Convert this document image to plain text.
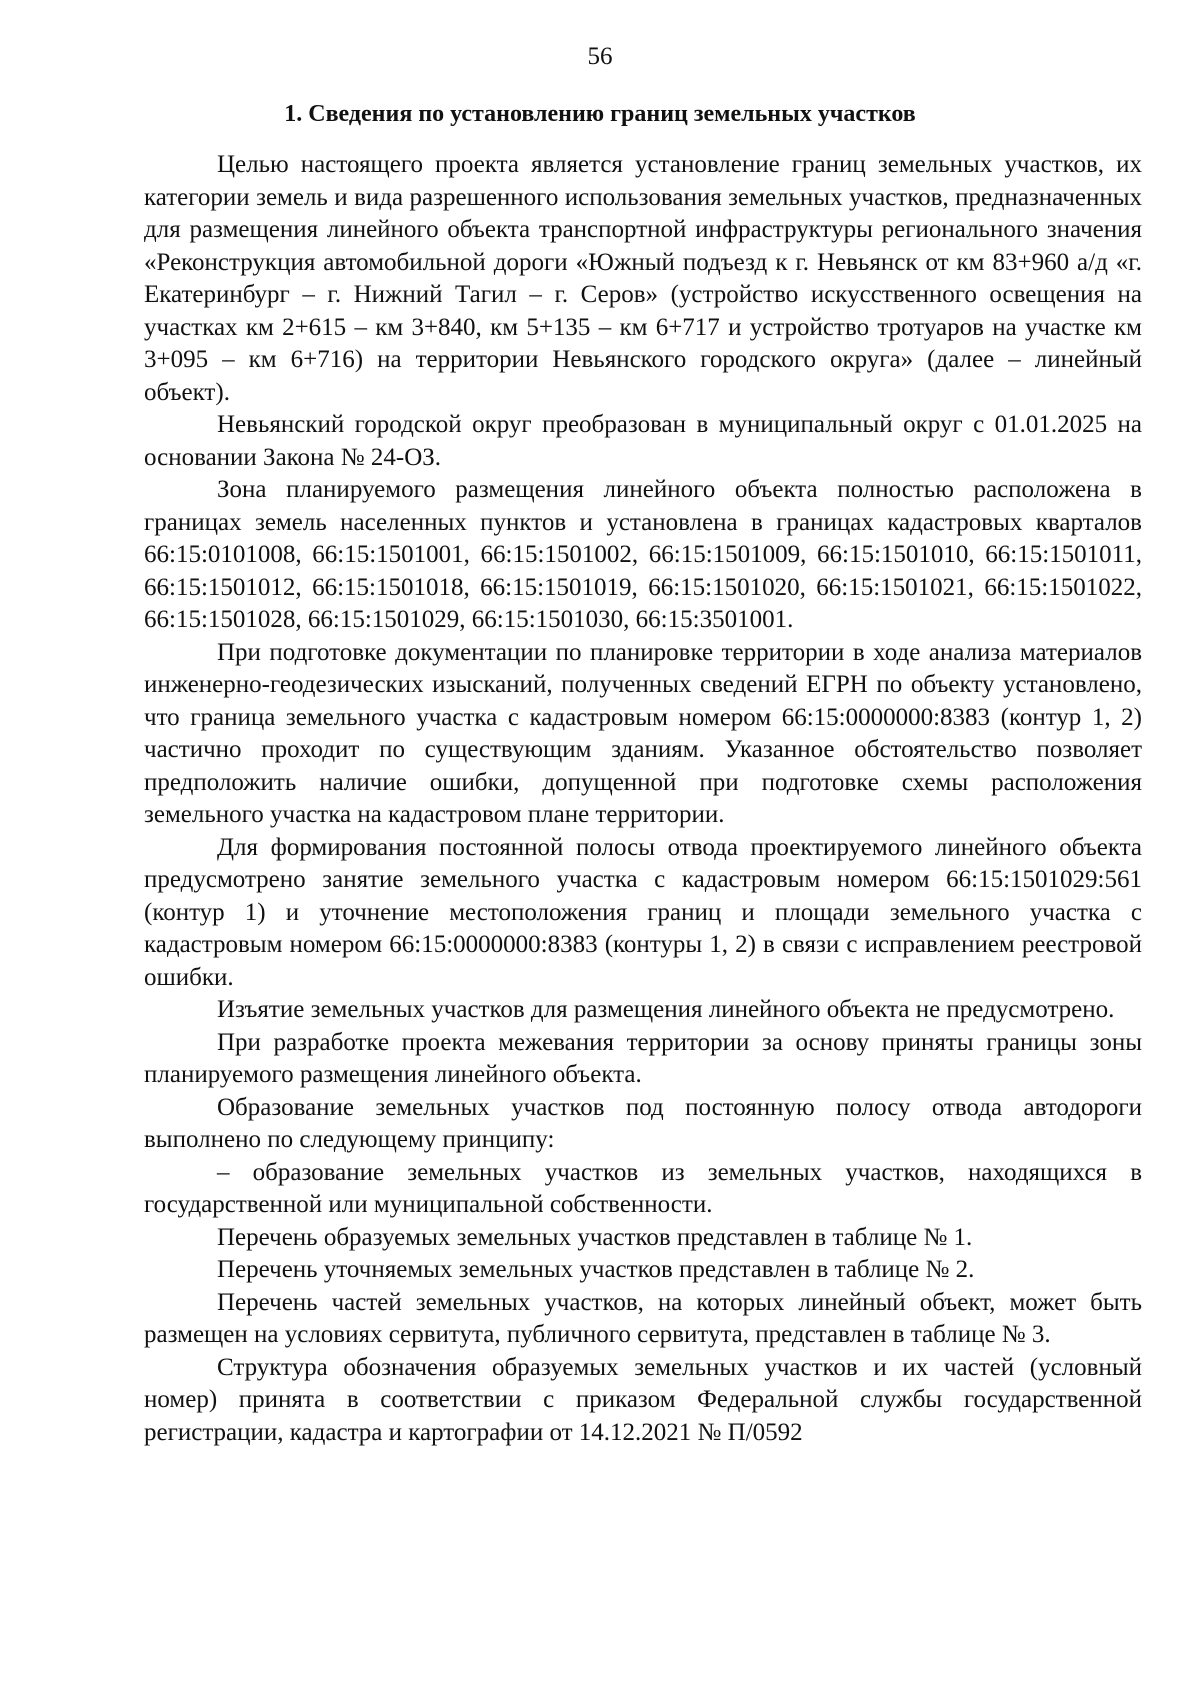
56
1. Сведения по установлению границ земельных участков

Целью настоящего проекта является установление границ земельных участков, их категории земель и вида разрешенного использования земельных участков, предназначенных для размещения линейного объекта транспортной инфраструктуры регионального значения «Реконструкция автомобильной дороги «Южный подъезд к г. Невьянск от км 83+960 а/д «г. Екатеринбург – г. Нижний Тагил – г. Серов» (устройство искусственного освещения на участках км 2+615 – км 3+840, км 5+135 – км 6+717 и устройство тротуаров на участке км 3+095 – км 6+716) на территории Невьянского городского округа» (далее – линейный объект).

Невьянский городской округ преобразован в муниципальный округ с 01.01.2025 на основании Закона № 24-ОЗ.

Зона планируемого размещения линейного объекта полностью расположена в границах земель населенных пунктов и установлена в границах кадастровых кварталов 66:15:0101008, 66:15:1501001, 66:15:1501002, 66:15:1501009, 66:15:1501010, 66:15:1501011, 66:15:1501012, 66:15:1501018, 66:15:1501019, 66:15:1501020, 66:15:1501021, 66:15:1501022, 66:15:1501028, 66:15:1501029, 66:15:1501030, 66:15:3501001.

При подготовке документации по планировке территории в ходе анализа материалов инженерно-геодезических изысканий, полученных сведений ЕГРН по объекту установлено, что граница земельного участка с кадастровым номером 66:15:0000000:8383 (контур 1, 2) частично проходит по существующим зданиям. Указанное обстоятельство позволяет предположить наличие ошибки, допущенной при подготовке схемы расположения земельного участка на кадастровом плане территории.

Для формирования постоянной полосы отвода проектируемого линейного объекта предусмотрено занятие земельного участка с кадастровым номером 66:15:1501029:561 (контур 1) и уточнение местоположения границ и площади земельного участка с кадастровым номером 66:15:0000000:8383 (контуры 1, 2) в связи с исправлением реестровой ошибки.

Изъятие земельных участков для размещения линейного объекта не предусмотрено.

При разработке проекта межевания территории за основу приняты границы зоны планируемого размещения линейного объекта.

Образование земельных участков под постоянную полосу отвода автодороги выполнено по следующему принципу:

– образование земельных участков из земельных участков, находящихся в государственной или муниципальной собственности.

Перечень образуемых земельных участков представлен в таблице № 1.

Перечень уточняемых земельных участков представлен в таблице № 2.

Перечень частей земельных участков, на которых линейный объект, может быть размещен на условиях сервитута, публичного сервитута, представлен в таблице № 3.

Структура обозначения образуемых земельных участков и их частей (условный номер) принята в соответствии с приказом Федеральной службы государственной регистрации, кадастра и картографии от 14.12.2021 № П/0592
